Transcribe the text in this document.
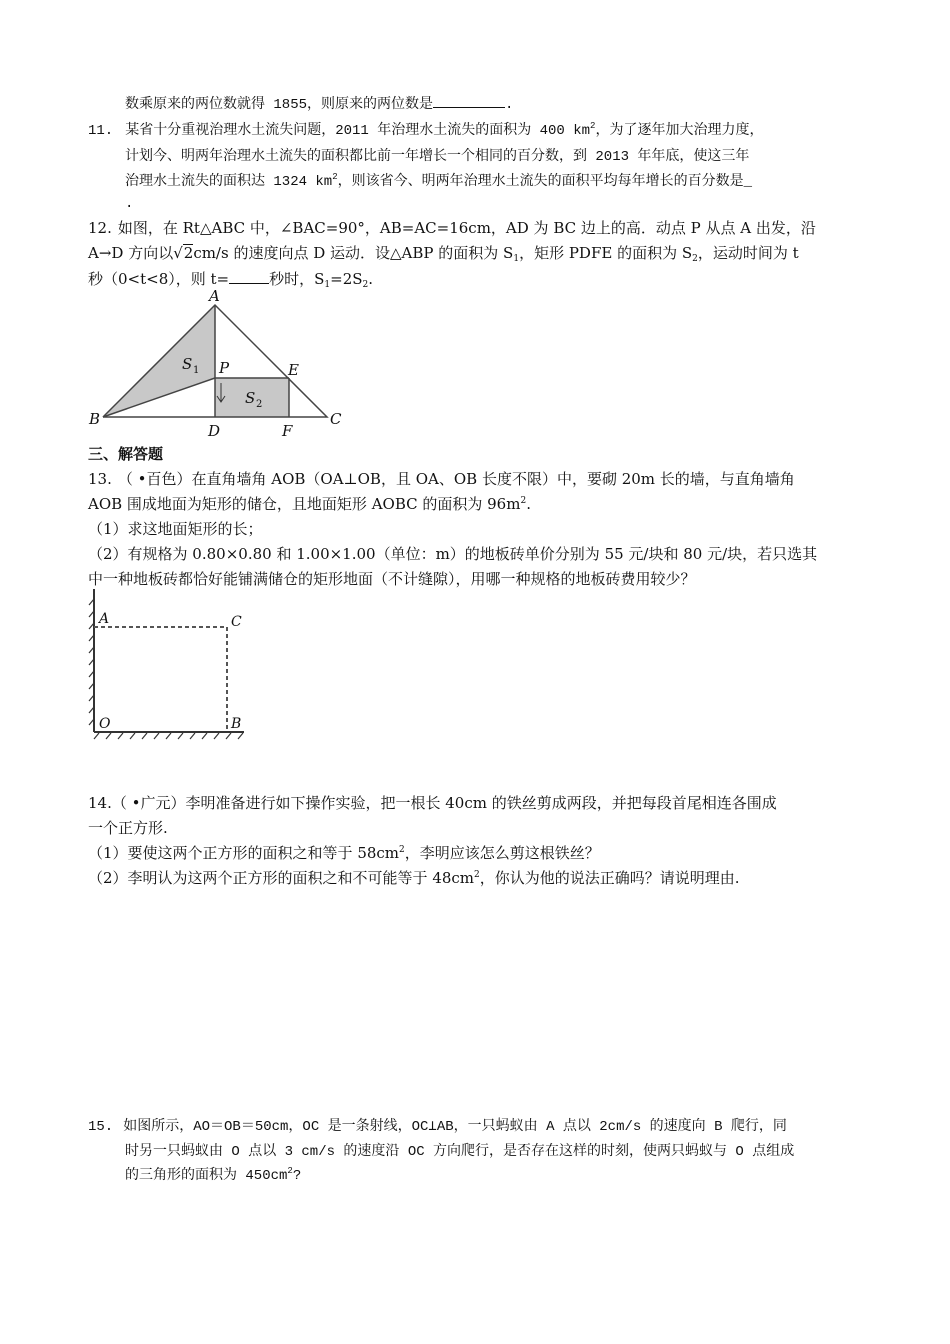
数乘原来的两位数就得 1855，则原来的两位数是	.
11. 某省十分重视治理水土流失问题，2011 年治理水土流失的面积为 400 $km^2$，为了逐年加大治理力度，
计划今、明两年治理水土流失的面积都比前一年增长一个相同的百分数，到 2013 年年底，使这三年
治理水土流失的面积达 1324 $km^2$，则该省今、明两年治理水土流失的面积平均每年增长的百分数是_
.
12. 如图，在 Rt△ABC 中，∠BAC=90°，AB=AC=16cm，AD 为 BC 边上的高．动点 P 从点 A 出发，沿
A→D 方向以√2cm/s 的速度向点 D 运动．设△ABP 的面积为 $S_1$，矩形 PDFE 的面积为 $S_2$，运动时间为 t
秒（0<t<8），则 t=	秒时，$S_1=2S_2$.
A
B	C
D
E
F
P
S 1
S 2
三、解答题
13. （ •百色）在直角墙角 AOB（OA⊥OB，且 OA、OB 长度不限）中，要砌 20m 长的墙，与直角墙角
AOB 围成地面为矩形的储仓，且地面矩形 AOBC 的面积为 $96m^2$.
（1）求这地面矩形的长；
（2）有规格为 0.80×0.80 和 1.00×1.00（单位：m）的地板砖单价分别为 55 元/块和 80 元/块，若只选其
中一种地板砖都恰好能铺满储仓的矩形地面（不计缝隙），用哪一种规格的地板砖费用较少？
A	C
O	B
14.（ •广元）李明准备进行如下操作实验，把一根长 40cm 的铁丝剪成两段，并把每段首尾相连各围成
一个正方形.
（1）要使这两个正方形的面积之和等于 $58cm^2$，李明应该怎么剪这根铁丝？
（2）李明认为这两个正方形的面积之和不可能等于 $48cm^2$，你认为他的说法正确吗？请说明理由.
15. 如图所示，AO＝OB＝50cm，OC 是一条射线，OC⊥AB，一只蚂蚁由 A 点以 2cm/s 的速度向 B 爬行，同
时另一只蚂蚁由 O 点以 3 cm/s 的速度沿 OC 方向爬行，是否存在这样的时刻，使两只蚂蚁与 O 点组成
的三角形的面积为 $450cm^2$?
